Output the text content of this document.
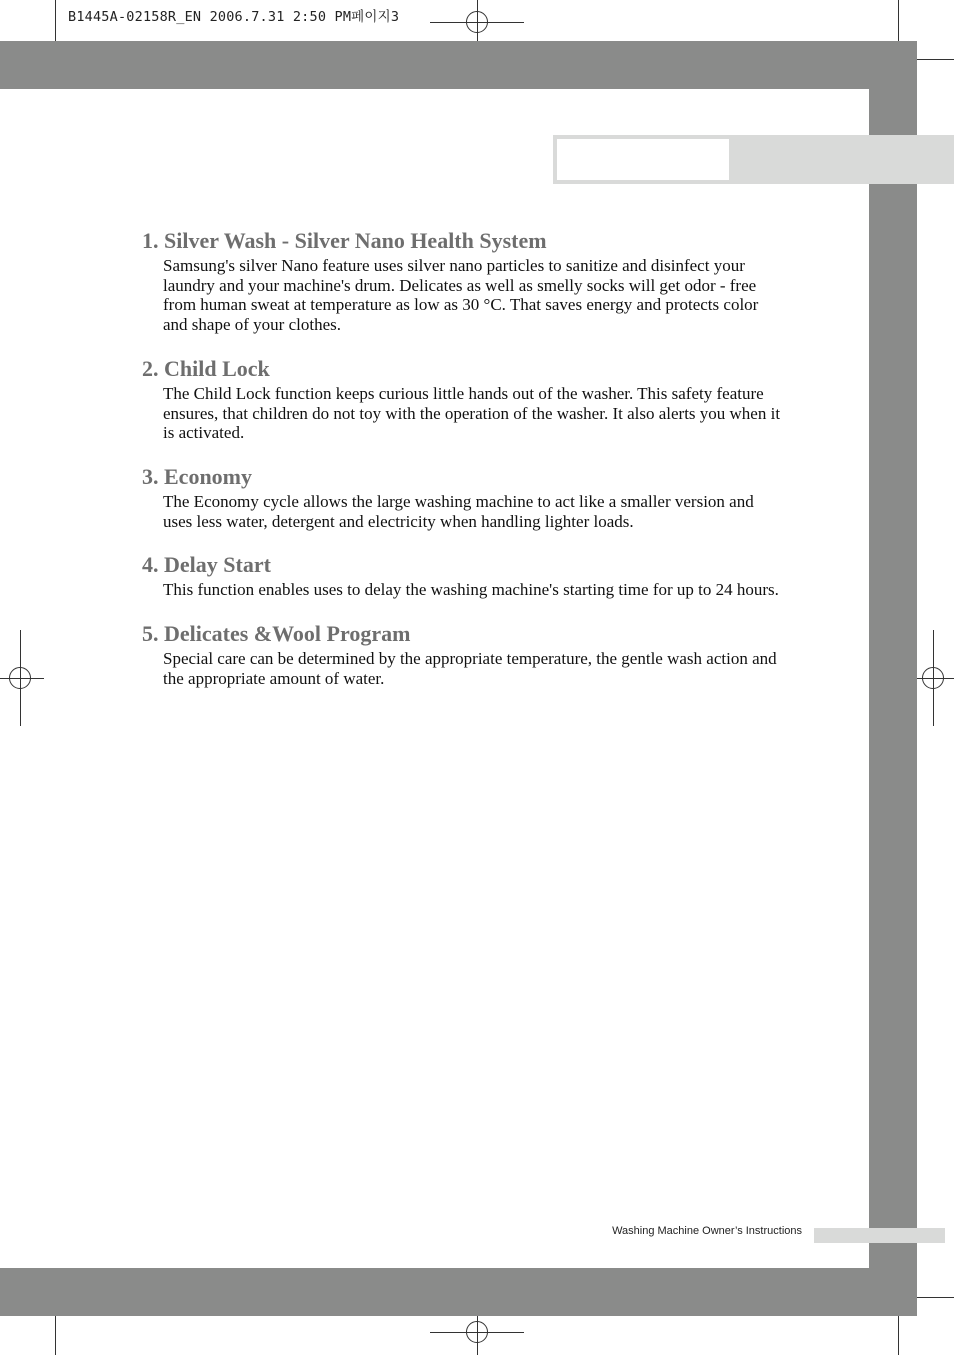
B1445A-02158R_EN 2006.7.31 2:50 PM페이지3
1. Silver Wash - Silver Nano Health System

Samsung's silver Nano feature uses silver nano particles to sanitize and disinfect your laundry and your machine's drum. Delicates as well as smelly socks will get odor - free from human sweat at temperature as low as 30 °C. That saves energy and protects color and shape of your clothes.

2. Child Lock

The Child Lock function keeps curious little hands out of the washer. This safety feature ensures, that children do not toy with the operation of the washer. It also alerts you when it is activated.

3. Economy

The Economy cycle allows the large washing machine to act like a smaller version and uses less water, detergent and electricity when handling lighter loads.

4. Delay Start

This function enables uses to delay the washing machine's starting time for up to 24 hours.

5. Delicates &Wool Program

Special care can be determined by the appropriate temperature, the gentle wash action and the appropriate amount of water.

Washing Machine Owner’s Instructions
